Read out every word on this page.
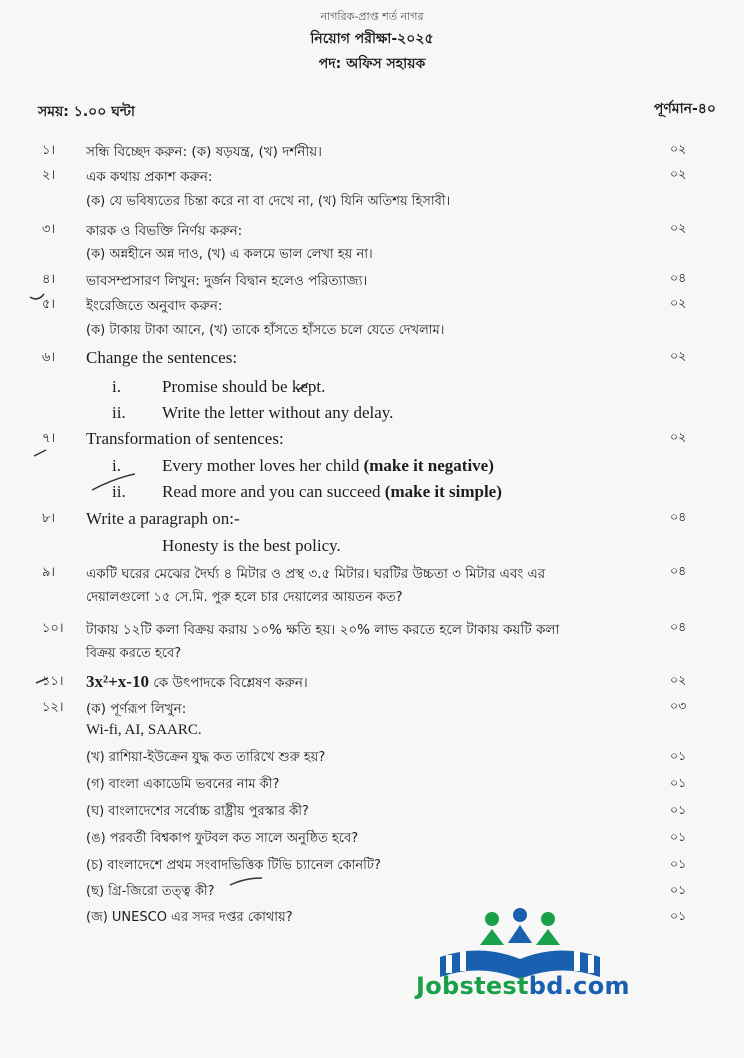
নাগরিক-প্রাপ্ত শর্ত নাগর
নিয়োগ পরীক্ষা-২০২৫
পদ: অফিস সহায়ক
সময়: ১.০০ ঘন্টা	পূর্ণমান-৪০
১। সন্ধি বিচ্ছেদ করুন: (ক) ষড়যন্ত্র, (খ) দর্শনীয়।	০২
২। এক কথায় প্রকাশ করুন:	০২
(ক) যে ভবিষ্যতের চিন্তা করে না বা দেখে না, (খ) যিনি অতিশয় হিসাবী।
৩। কারক ও বিভক্তি নির্ণয় করুন:	০২
(ক) অন্নহীনে অন্ন দাও, (খ) এ কলমে ভাল লেখা হয় না।
৪। ভাবসম্প্রসারণ লিখুন: দুর্জন বিদ্বান হলেও পরিত্যাজ্য।	০৪
৫। ইংরেজিতে অনুবাদ করুন:	০২
(ক) টাকায় টাকা আনে, (খ) তাকে হাঁসতে হাঁসতে চলে যেতে দেখলাম।
৬। Change the sentences:	০২
i. Promise should be kept.
ii. Write the letter without any delay.
৭। Transformation of sentences:	০২
i. Every mother loves her child (make it negative)
ii. Read more and you can succeed (make it simple)
৮। Write a paragraph on:-	০৪
Honesty is the best policy.
৯। একটি ঘরের মেঝের দৈর্ঘ্য ৪ মিটার ও প্রস্থ ৩.৫ মিটার। ঘরটির উচ্চতা ৩ মিটার এবং এর	০৪
দেয়ালগুলো ১৫ সে.মি. পুরু হলে চার দেয়ালের আয়তন কত?
১০। টাকায় ১২টি কলা বিক্রয় করায় ১০% ক্ষতি হয়। ২০% লাভ করতে হলে টাকায় কয়টি কলা	০৪
বিক্রয় করতে হবে?
১১। 3x²+x-10 কে উৎপাদকে বিশ্লেষণ করুন।	০২
১২। (ক) পূর্ণরূপ লিখুন:	০৩
Wi-fi, AI, SAARC.
(খ) রাশিয়া-ইউক্রেন যুদ্ধ কত তারিখে শুরু হয়?	০১
(গ) বাংলা একাডেমি ভবনের নাম কী?	০১
(ঘ) বাংলাদেশের সর্বোচ্চ রাষ্ট্রীয় পুরস্কার কী?	০১
(ঙ) পরবর্তী বিশ্বকাপ ফুটবল কত সালে অনুষ্ঠিত হবে?	০১
(চ) বাংলাদেশে প্রথম সংবাদভিত্তিক টিভি চ্যানেল কোনটি?	০১
(ছ) গ্রি-জিরো তত্ত্ব কী?	০১
(জ) UNESCO এর সদর দপ্তর কোথায়?	০১
Jobstestbd.com
